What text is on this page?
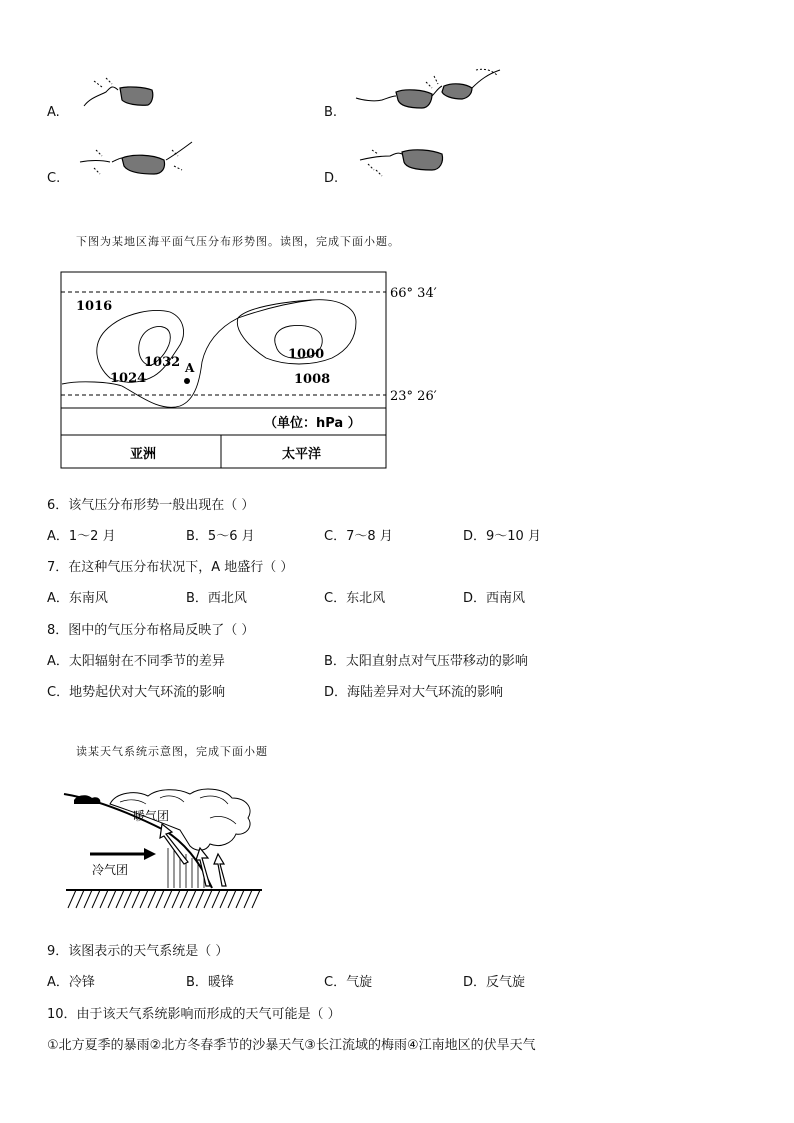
A.	B.
C.	D.
下图为某地区海平面气压分布形势图。读图，完成下面小题。
1016
1032
1024
1000
1008
A
66° 34′
23° 26′
（单位：hPa ）
亚洲	太平洋
6．该气压分布形势一般出现在（ ）
A．1～2 月	B．5～6 月	C．7～8 月	D．9～10 月
7．在这种气压分布状况下，A 地盛行（ ）
A．东南风	B．西北风	C．东北风	D．西南风
8．图中的气压分布格局反映了（ ）
A．太阳辐射在不同季节的差异	B．太阳直射点对气压带移动的影响
C．地势起伏对大气环流的影响	D．海陆差异对大气环流的影响
读某天气系统示意图，完成下面小题
暖气团
冷气团
9．该图表示的天气系统是（ ）
A．冷锋	B．暖锋	C．气旋	D．反气旋
10．由于该天气系统影响而形成的天气可能是（ ）
①北方夏季的暴雨②北方冬春季节的沙暴天气③长江流域的梅雨④江南地区的伏旱天气
